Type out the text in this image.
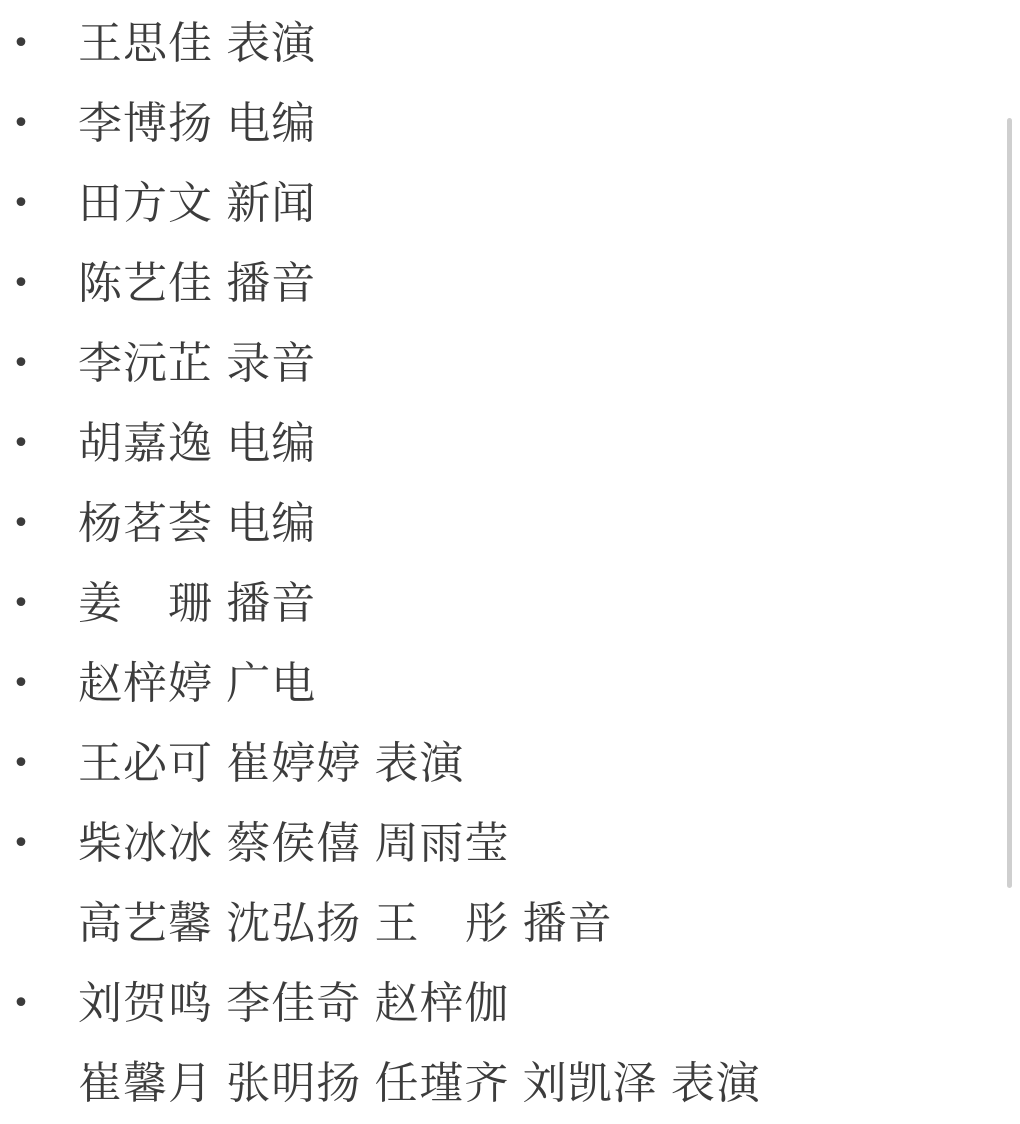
• 王思佳 表演
• 李博扬 电编
• 田方文 新闻
• 陈艺佳 播音
• 李沅芷 录音
• 胡嘉逸 电编
• 杨茗荟 电编
• 姜　珊 播音
• 赵梓婷 广电
• 王必可 崔婷婷 表演
• 柴冰冰 蔡侯僖 周雨莹
高艺馨 沈弘扬 王　彤 播音
• 刘贺鸣 李佳奇 赵梓伽
崔馨月 张明扬 任瑾齐 刘凯泽 表演
